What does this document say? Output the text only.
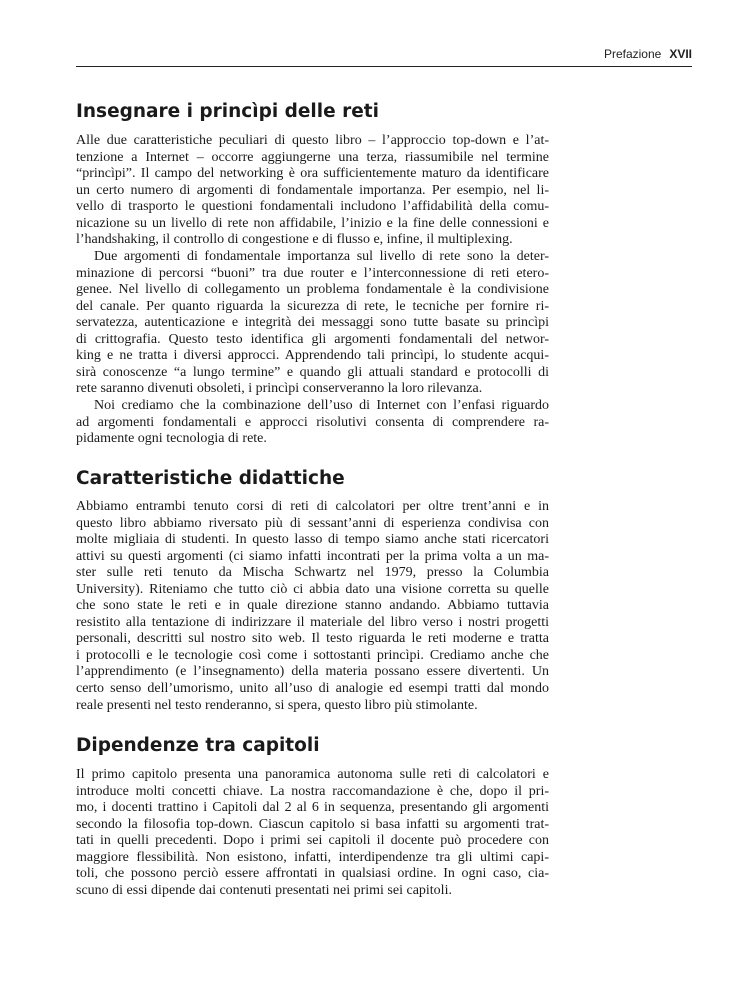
Prefazione XVII
Insegnare i princìpi delle reti
Alle due caratteristiche peculiari di questo libro – l’approccio top-down e l’at-
tenzione a Internet – occorre aggiungerne una terza, riassumibile nel termine
“princìpi”. Il campo del networking è ora sufficientemente maturo da identificare
un certo numero di argomenti di fondamentale importanza. Per esempio, nel li-
vello di trasporto le questioni fondamentali includono l’affidabilità della comu-
nicazione su un livello di rete non affidabile, l’inizio e la fine delle connessioni e
l’handshaking, il controllo di congestione e di flusso e, infine, il multiplexing.
Due argomenti di fondamentale importanza sul livello di rete sono la deter-
minazione di percorsi “buoni” tra due router e l’interconnessione di reti etero-
genee. Nel livello di collegamento un problema fondamentale è la condivisione
del canale. Per quanto riguarda la sicurezza di rete, le tecniche per fornire ri-
servatezza, autenticazione e integrità dei messaggi sono tutte basate su princìpi
di crittografia. Questo testo identifica gli argomenti fondamentali del networ-
king e ne tratta i diversi approcci. Apprendendo tali princìpi, lo studente acqui-
sirà conoscenze “a lungo termine” e quando gli attuali standard e protocolli di
rete saranno divenuti obsoleti, i princìpi conserveranno la loro rilevanza.
Noi crediamo che la combinazione dell’uso di Internet con l’enfasi riguardo
ad argomenti fondamentali e approcci risolutivi consenta di comprendere ra-
pidamente ogni tecnologia di rete.
Caratteristiche didattiche
Abbiamo entrambi tenuto corsi di reti di calcolatori per oltre trent’anni e in
questo libro abbiamo riversato più di sessant’anni di esperienza condivisa con
molte migliaia di studenti. In questo lasso di tempo siamo anche stati ricercatori
attivi su questi argomenti (ci siamo infatti incontrati per la prima volta a un ma-
ster sulle reti tenuto da Mischa Schwartz nel 1979, presso la Columbia
University). Riteniamo che tutto ciò ci abbia dato una visione corretta su quelle
che sono state le reti e in quale direzione stanno andando. Abbiamo tuttavia
resistito alla tentazione di indirizzare il materiale del libro verso i nostri progetti
personali, descritti sul nostro sito web. Il testo riguarda le reti moderne e tratta
i protocolli e le tecnologie così come i sottostanti princìpi. Crediamo anche che
l’apprendimento (e l’insegnamento) della materia possano essere divertenti. Un
certo senso dell’umorismo, unito all’uso di analogie ed esempi tratti dal mondo
reale presenti nel testo renderanno, si spera, questo libro più stimolante.
Dipendenze tra capitoli
Il primo capitolo presenta una panoramica autonoma sulle reti di calcolatori e
introduce molti concetti chiave. La nostra raccomandazione è che, dopo il pri-
mo, i docenti trattino i Capitoli dal 2 al 6 in sequenza, presentando gli argomenti
secondo la filosofia top-down. Ciascun capitolo si basa infatti su argomenti trat-
tati in quelli precedenti. Dopo i primi sei capitoli il docente può procedere con
maggiore flessibilità. Non esistono, infatti, interdipendenze tra gli ultimi capi-
toli, che possono perciò essere affrontati in qualsiasi ordine. In ogni caso, cia-
scuno di essi dipende dai contenuti presentati nei primi sei capitoli.
